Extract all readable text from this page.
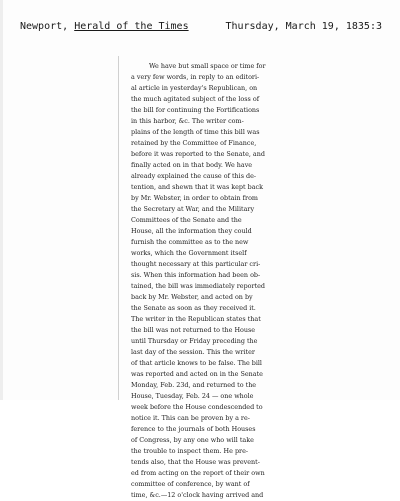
Newport, Herald of the Times	Thursday, March 19, 1835:3
We have but small space or time for
a very few words, in reply to an editori-
al article in yesterday's Republican, on
the much agitated subject of the loss of
the bill for continuing the Fortifications
in this harbor, &c. The writer com-
plains of the length of time this bill was
retained by the Committee of Finance,
before it was reported to the Senate, and
finally acted on in that body. We have
already explained the cause of this de-
tention, and shewn that it was kept back
by Mr. Webster, in order to obtain from
the Secretary at War, and the Military
Committees of the Senate and the
House, all the information they could
furnish the committee as to the new
works, which the Government itself
thought necessary at this particular cri-
sis. When this information had been ob-
tained, the bill was immediately reported
back by Mr. Webster, and acted on by
the Senate as soon as they received it.
The writer in the Republican states that
the bill was not returned to the House
until Thursday or Friday preceding the
last day of the session. This the writer
of that article knows to be false. The bill
was reported and acted on in the Senate
Monday, Feb. 23d, and returned to the
House, Tuesday, Feb. 24 — one whole
week before the House condescended to
notice it. This can be proven by a re-
ference to the journals of both Houses
of Congress, by any one who will take
the trouble to inspect them. He pre-
tends also, that the House was prevent-
ed from acting on the report of their own
committee of conference, by want of
time, &c.—12 o'clock having arrived and
